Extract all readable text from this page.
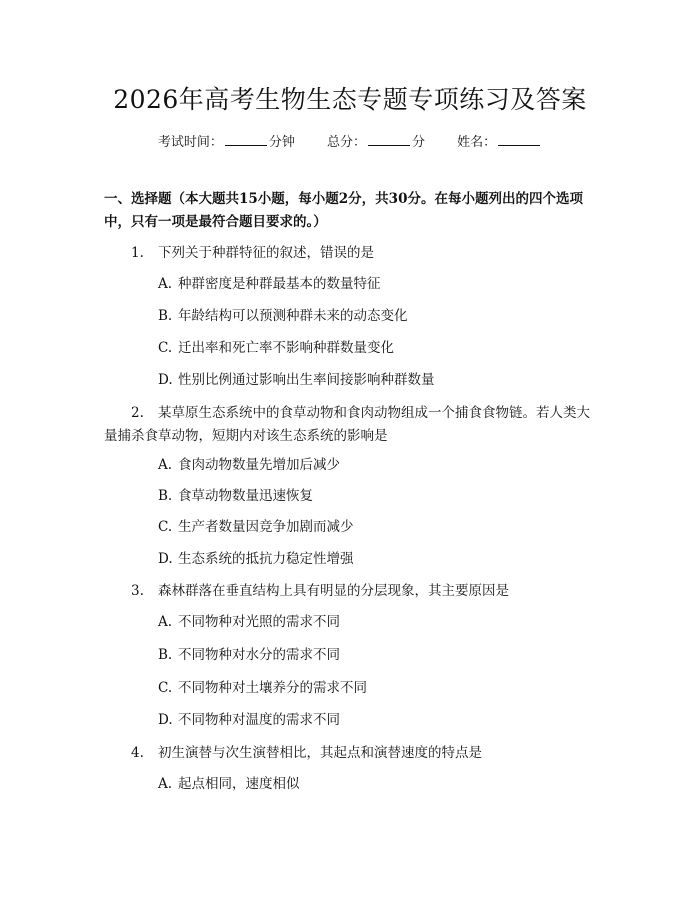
2026年高考生物生态专题专项练习及答案
考试时间：	分钟 总分：	分 姓名：
一、选择题（本大题共15小题，每小题2分，共30分。在每小题列出的四个选项中，只有一项是最符合题目要求的。）
1. 下列关于种群特征的叙述，错误的是
A. 种群密度是种群最基本的数量特征
B. 年龄结构可以预测种群未来的动态变化
C. 迁出率和死亡率不影响种群数量变化
D. 性别比例通过影响出生率间接影响种群数量
2. 某草原生态系统中的食草动物和食肉动物组成一个捕食食物链。若人类大量捕杀食草动物，短期内对该生态系统的影响是
A. 食肉动物数量先增加后减少
B. 食草动物数量迅速恢复
C. 生产者数量因竞争加剧而减少
D. 生态系统的抵抗力稳定性增强
3. 森林群落在垂直结构上具有明显的分层现象，其主要原因是
A. 不同物种对光照的需求不同
B. 不同物种对水分的需求不同
C. 不同物种对土壤养分的需求不同
D. 不同物种对温度的需求不同
4. 初生演替与次生演替相比，其起点和演替速度的特点是
A. 起点相同，速度相似
